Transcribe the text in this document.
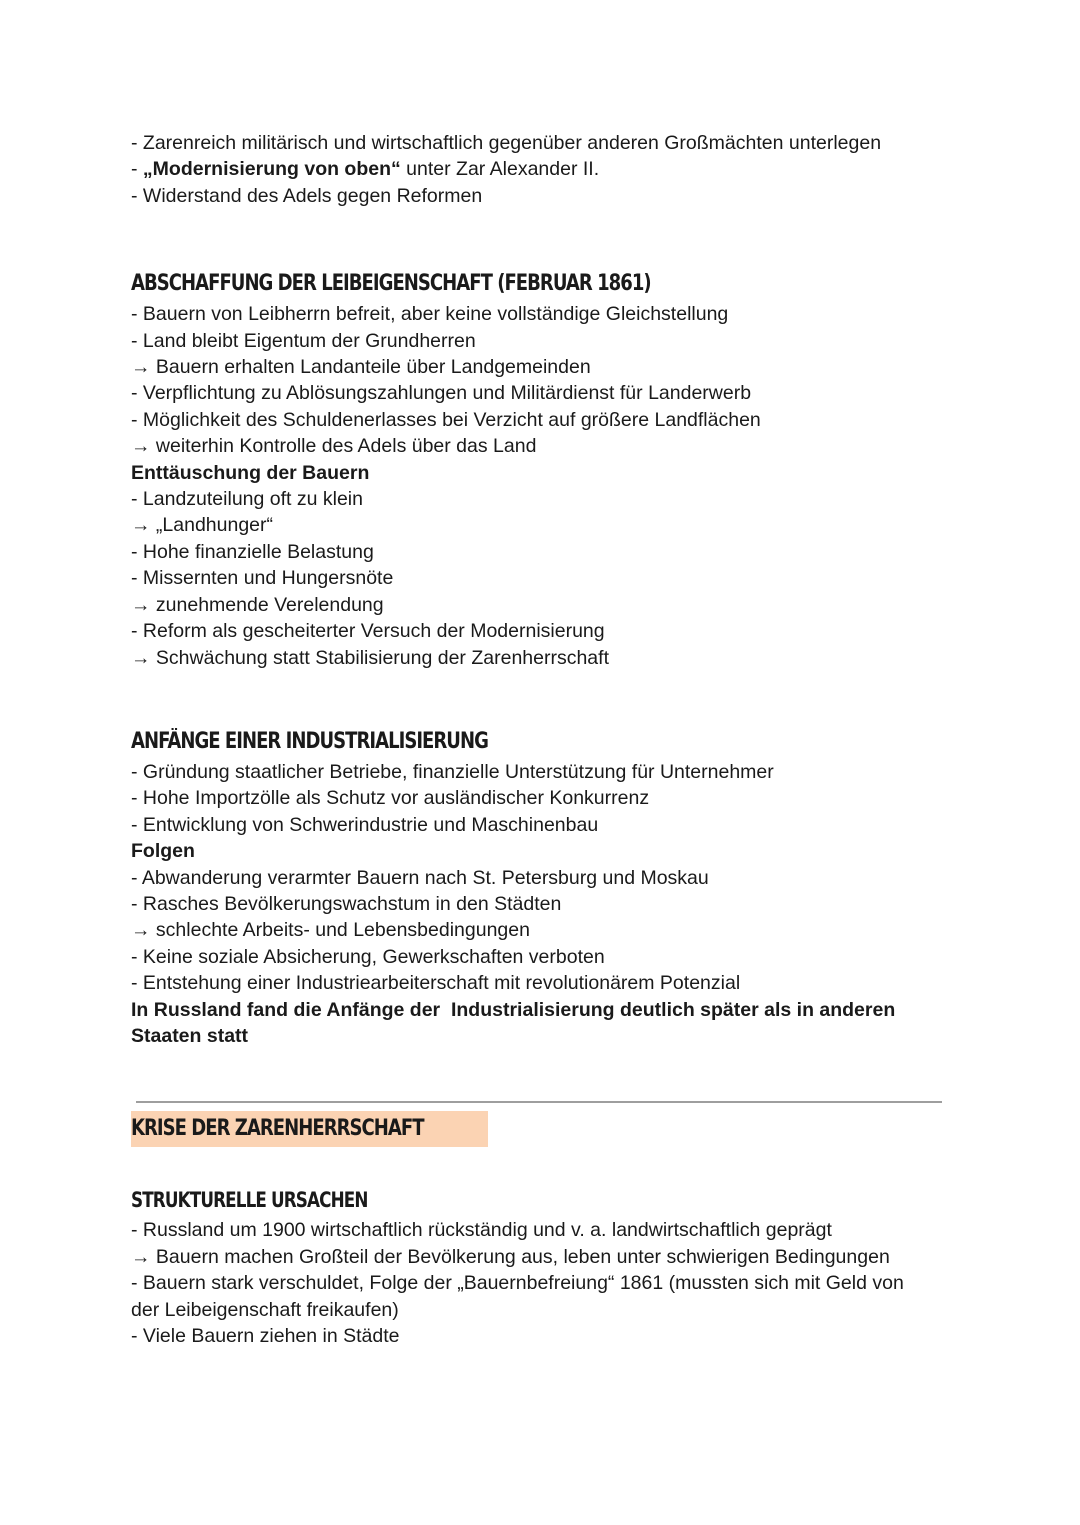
- Zarenreich militärisch und wirtschaftlich gegenüber anderen Großmächten unterlegen
- „Modernisierung von oben“ unter Zar Alexander II.
- Widerstand des Adels gegen Reformen
ABSCHAFFUNG DER LEIBEIGENSCHAFT (FEBRUAR 1861)
- Bauern von Leibherrn befreit, aber keine vollständige Gleichstellung
- Land bleibt Eigentum der Grundherren
→ Bauern erhalten Landanteile über Landgemeinden
- Verpflichtung zu Ablösungszahlungen und Militärdienst für Landerwerb
- Möglichkeit des Schuldenerlasses bei Verzicht auf größere Landflächen
→ weiterhin Kontrolle des Adels über das Land
Enttäuschung der Bauern
- Landzuteilung oft zu klein
→ „Landhunger“
- Hohe finanzielle Belastung
- Missernten und Hungersnöte
→ zunehmende Verelendung
- Reform als gescheiterter Versuch der Modernisierung
→ Schwächung statt Stabilisierung der Zarenherrschaft
ANFÄNGE EINER INDUSTRIALISIERUNG
- Gründung staatlicher Betriebe, finanzielle Unterstützung für Unternehmer
- Hohe Importzölle als Schutz vor ausländischer Konkurrenz
- Entwicklung von Schwerindustrie und Maschinenbau
Folgen
- Abwanderung verarmter Bauern nach St. Petersburg und Moskau
- Rasches Bevölkerungswachstum in den Städten
→ schlechte Arbeits- und Lebensbedingungen
- Keine soziale Absicherung, Gewerkschaften verboten
- Entstehung einer Industriearbeiterschaft mit revolutionärem Potenzial
In Russland fand die Anfänge der  Industrialisierung deutlich später als in anderen
Staaten statt
KRISE DER ZARENHERRSCHAFT
STRUKTURELLE URSACHEN
- Russland um 1900 wirtschaftlich rückständig und v. a. landwirtschaftlich geprägt
→ Bauern machen Großteil der Bevölkerung aus, leben unter schwierigen Bedingungen
- Bauern stark verschuldet, Folge der „Bauernbefreiung“ 1861 (mussten sich mit Geld von
der Leibeigenschaft freikaufen)
- Viele Bauern ziehen in Städte
